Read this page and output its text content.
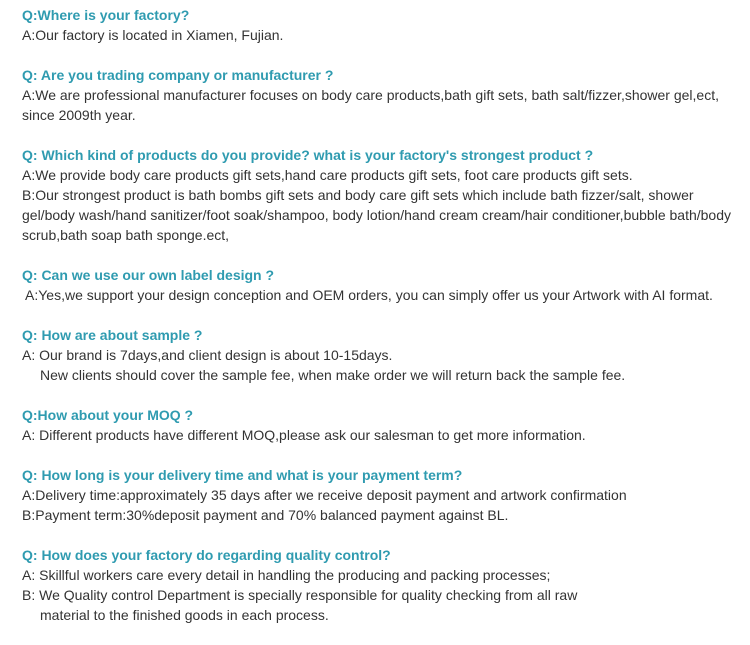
Q:Where is your factory?
A:Our factory is located in Xiamen, Fujian.
Q: Are you trading company or manufacturer ?
A:We are professional manufacturer focuses on body care products,bath gift sets, bath salt/fizzer,shower gel,ect,
since 2009th year.
Q: Which kind of products do you provide? what is your factory's strongest product ?
A:We provide body care products gift sets,hand care products gift sets, foot care products gift sets.
B:Our strongest product is bath bombs gift sets and body care gift sets which include bath fizzer/salt, shower
gel/body wash/hand sanitizer/foot soak/shampoo, body lotion/hand cream cream/hair conditioner,bubble bath/body
scrub,bath soap bath sponge.ect,
Q: Can we use our own label design ?
A:Yes,we support your design conception and OEM orders, you can simply offer us your Artwork with AI format.
Q: How are about sample ?
A: Our brand is 7days,and client design is about 10-15days.
New clients should cover the sample fee, when make order we will return back the sample fee.
Q:How about your MOQ ?
A: Different products have different MOQ,please ask our salesman to get more information.
Q: How long is your delivery time and what is your payment term?
A:Delivery time:approximately 35 days after we receive deposit payment and artwork confirmation
B:Payment term:30%deposit payment and 70% balanced payment against BL.
Q: How does your factory do regarding quality control?
A: Skillful workers care every detail in handling the producing and packing processes;
B: We Quality control Department is specially responsible for quality checking from all raw
material to the finished goods in each process.
